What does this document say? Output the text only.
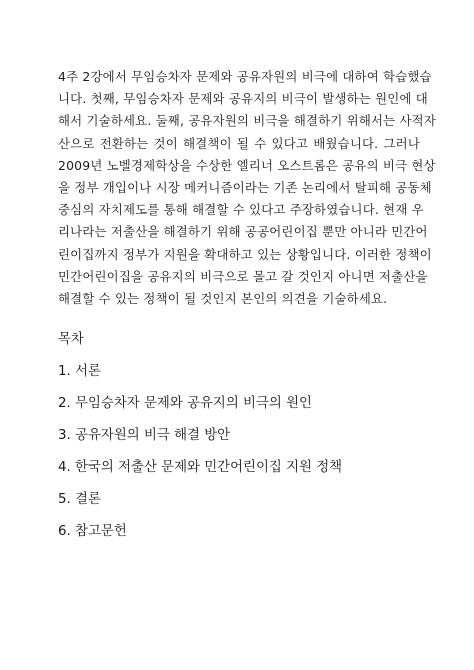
4주 2강에서 무임승차자 문제와 공유자원의 비극에 대하여 학습했습
니다. 첫째, 무임승차자 문제와 공유지의 비극이 발생하는 원인에 대
해서 기술하세요. 둘째, 공유자원의 비극을 해결하기 위해서는 사적자
산으로 전환하는 것이 해결책이 될 수 있다고 배웠습니다. 그러나
2009년 노벨경제학상을 수상한 엘리너 오스트롬은 공유의 비극 현상
을 정부 개입이나 시장 메커니즘이라는 기존 논리에서 탈피해 공동체
중심의 자치제도를 통해 해결할 수 있다고 주장하였습니다. 현재 우
리나라는 저출산을 해결하기 위해 공공어린이집 뿐만 아니라 민간어
린이집까지 정부가 지원을 확대하고 있는 상황입니다. 이러한 정책이
민간어린이집을 공유지의 비극으로 몰고 갈 것인지 아니면 저출산을
해결할 수 있는 정책이 될 것인지 본인의 의견을 기술하세요.
목차
1. 서론
2. 무임승차자 문제와 공유지의 비극의 원인
3. 공유자원의 비극 해결 방안
4. 한국의 저출산 문제와 민간어린이집 지원 정책
5. 결론
6. 참고문헌
